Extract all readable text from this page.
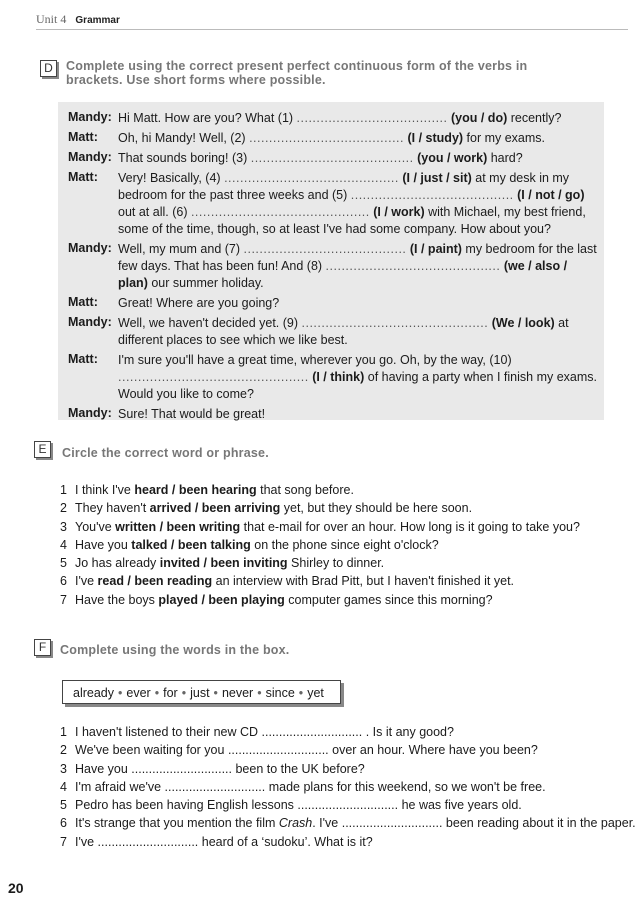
Unit 4 Grammar
D	Complete using the correct present perfect continuous form of the verbs in
brackets. Use short forms where possible.
Mandy: Hi Matt. How are you? What (1) ...................................... (you / do) recently?
Matt:	Oh, hi Mandy! Well, (2) ....................................... (I / study) for my exams.
Mandy: That sounds boring! (3) ......................................... (you / work) hard?
Matt:	Very! Basically, (4) ............................................ (I / just / sit) at my desk in my bedroom for the past three weeks and (5) ......................................... (I / not / go) out at all. (6) ............................................. (I / work) with Michael, my best friend, some of the time, though, so at least I've had some company. How about you?
Mandy: Well, my mum and (7) ......................................... (I / paint) my bedroom for the last few days. That has been fun! And (8) ............................................ (we / also / plan) our summer holiday.
Matt:	Great! Where are you going?
Mandy: Well, we haven't decided yet. (9) ............................................... (We / look) at different places to see which we like best.
Matt:	I'm sure you'll have a great time, wherever you go. Oh, by the way, (10) ................................................ (I / think) of having a party when I finish my exams. Would you like to come?
Mandy: Sure! That would be great!
E	Circle the correct word or phrase.
1 I think I've heard / been hearing that song before.
2 They haven't arrived / been arriving yet, but they should be here soon.
3 You've written / been writing that e-mail for over an hour. How long is it going to take you?
4 Have you talked / been talking on the phone since eight o'clock?
5 Jo has already invited / been inviting Shirley to dinner.
6 I've read / been reading an interview with Brad Pitt, but I haven't finished it yet.
7 Have the boys played / been playing computer games since this morning?
F	Complete using the words in the box.
already • ever • for • just • never • since • yet
1 I haven't listened to their new CD ............................. . Is it any good?
2 We've been waiting for you ............................. over an hour. Where have you been?
3 Have you ............................. been to the UK before?
4 I'm afraid we've ............................. made plans for this weekend, so we won't be free.
5 Pedro has been having English lessons ............................. he was five years old.
6 It's strange that you mention the film Crash. I've ............................. been reading about it in the paper.
7 I've ............................. heard of a ‘sudoku’. What is it?
20
